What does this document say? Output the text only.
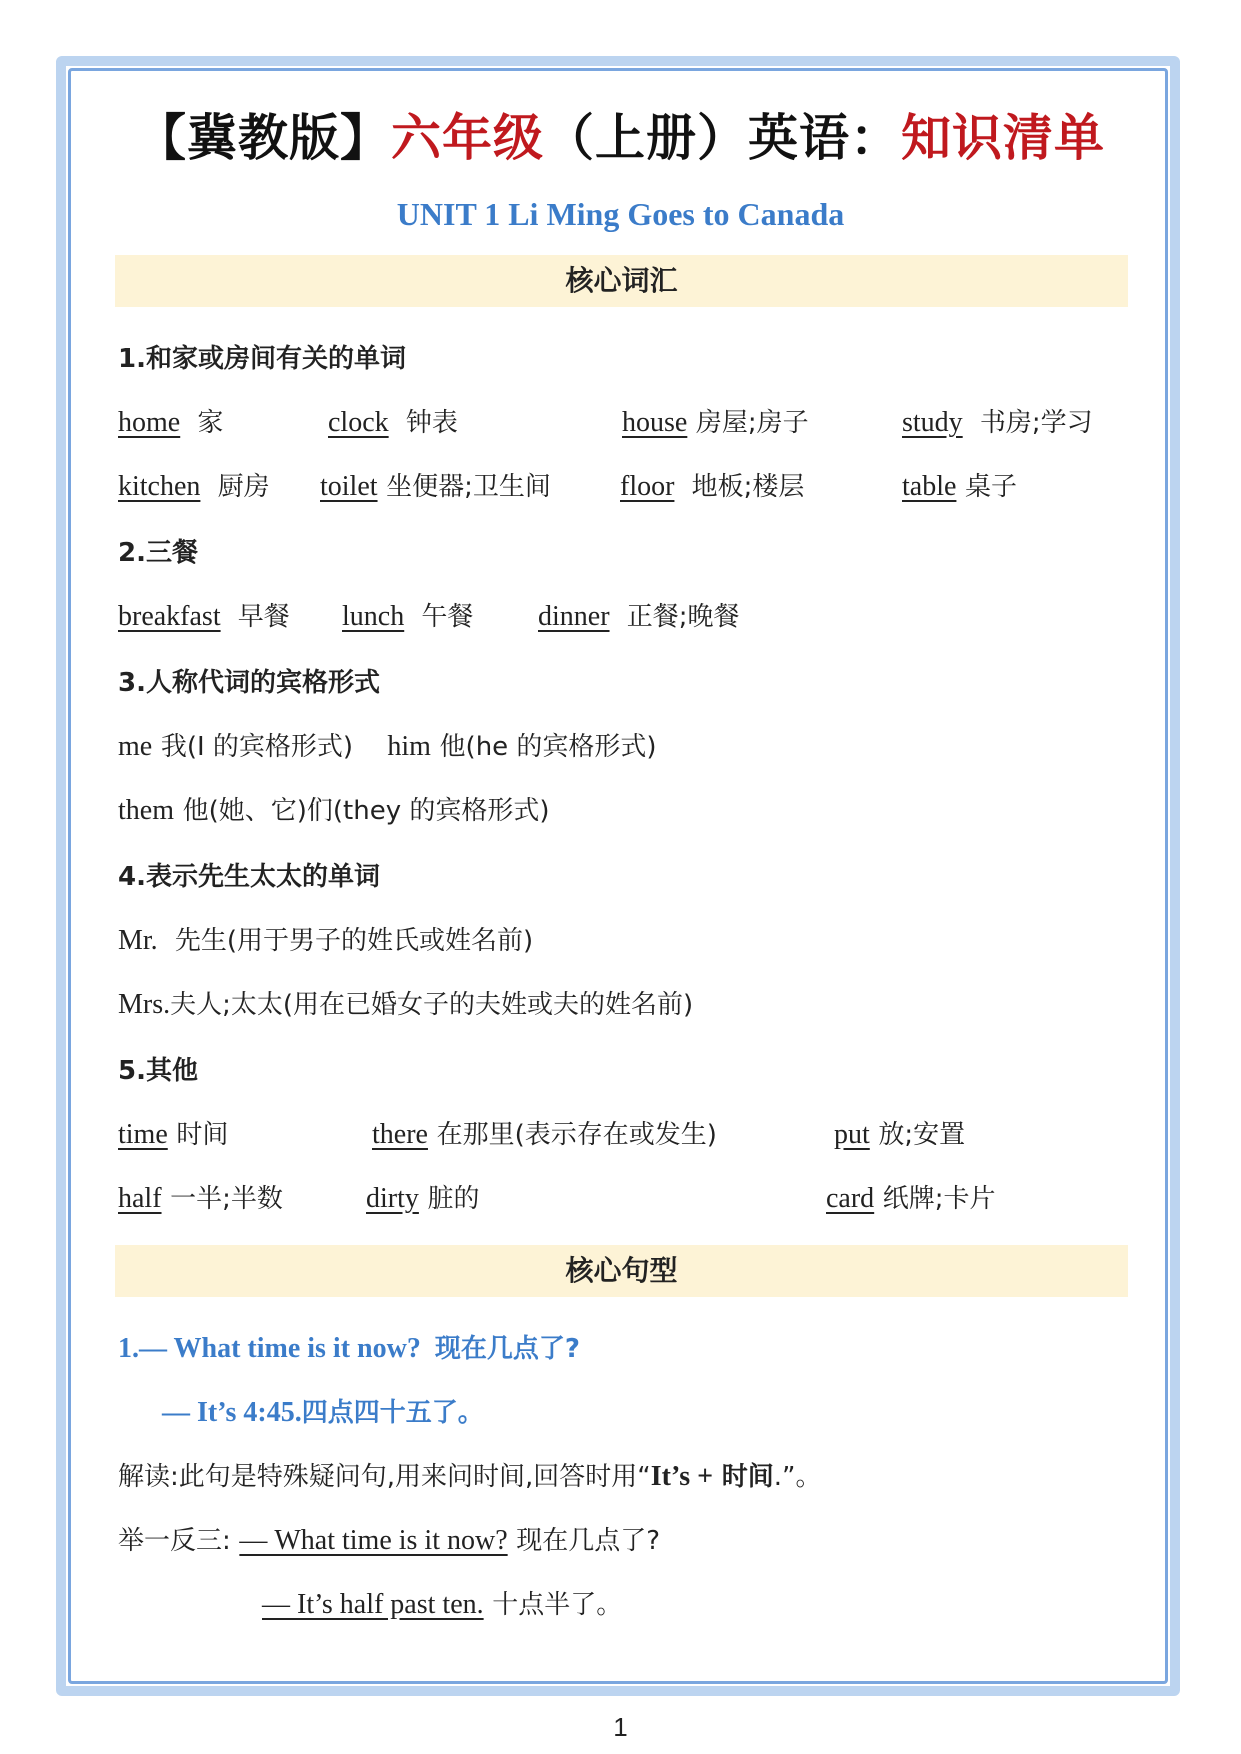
【冀教版】六年级（上册）英语：知识清单
UNIT 1 Li Ming Goes to Canada
核心词汇
1.和家或房间有关的单词
home 家	clock 钟表	house 房屋;房子	study 书房;学习
kitchen 厨房 toilet 坐便器;卫生间 floor 地板;楼层	table 桌子
2.三餐
breakfast 早餐 lunch 午餐 dinner 正餐;晚餐
3.人称代词的宾格形式
me 我(I 的宾格形式) him 他(he 的宾格形式)
them 他(她、它)们(they 的宾格形式)
4.表示先生太太的单词
Mr. 先生(用于男子的姓氏或姓名前)
Mrs.夫人;太太(用在已婚女子的夫姓或夫的姓名前)
5.其他
time 时间	there 在那里(表示存在或发生)	put 放;安置
half 一半;半数	dirty 脏的	card 纸牌;卡片
核心句型
1.— What time is it now? 现在几点了?
— It’s 4:45.四点四十五了。
解读:此句是特殊疑问句,用来问时间,回答时用“It’s + 时间.”。
举一反三: — What time is it now? 现在几点了?
— It’s half past ten. 十点半了。
1
